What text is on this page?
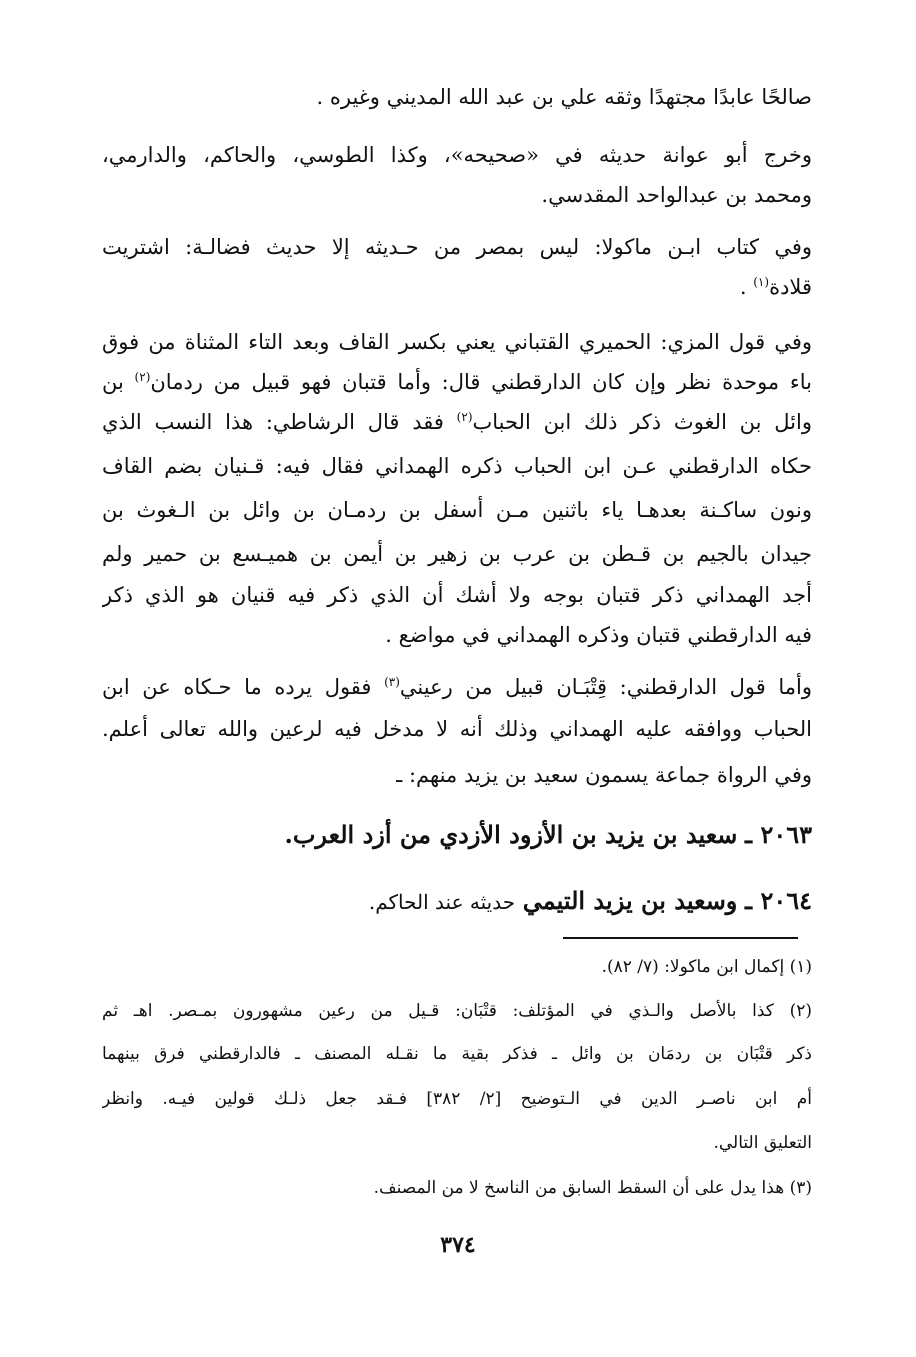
صالحًا عابدًا مجتهدًا وثقه علي بن عبد الله المديني وغيره .
وخرج أبو عوانة حديثه في «صحيحه»، وكذا الطوسي، والحاكم، والدارمي،
ومحمد بن عبدالواحد المقدسي.
وفي كتاب ابـن ماكولا: ليس بمصر من حـديثه إلا حديث فضالـة: اشتريت
قلادة$^{(١)}$ .
وفي قول المزي: الحميري القتباني يعني بكسر القاف وبعد التاء المثناة من فوق
باء موحدة نظر وإن كان الدارقطني قال: وأما قتبان فهو قبيل من ردمان$^{(٢)}$ بن
وائل بن الغوث ذكر ذلك ابن الحباب$^{(٢)}$ فقد قال الرشاطي: هذا النسب الذي
حكاه الدارقطني عـن ابن الحباب ذكره الهمداني فقال فيه: قـنيان بضم القاف
ونون ساكـنة بعدهـا ياء باثنين مـن أسفل بن ردمـان بن وائل بن الـغوث بن
جيدان بالجيم بن قـطن بن عرب بن زهير بن أيمن بن هميـسع بن حمير ولم
أجد الهمداني ذكر قتبان بوجه ولا أشك أن الذي ذكر فيه قنيان هو الذي ذكر
فيه الدارقطني قتبان وذكره الهمداني في مواضع .
وأما قول الدارقطني: قِتْبَـان قبيل من رعيني$^{(٣)}$ فقول يرده ما حـكاه عن ابن
الحباب ووافقه عليه الهمداني وذلك أنه لا مدخل فيه لرعين والله تعالى أعلم.
وفي الرواة جماعة يسمون سعيد بن يزيد منهم: ـ
٢٠٦٣ ـ سعيد بن يزيد بن الأزود الأزدي من أزد العرب.
٢٠٦٤ ـ وسعيد بن يزيد التيمي حديثه عند الحاكم.
(١) إكمال ابن ماكولا: (٧/ ٨٢).
(٢) كذا بالأصل والـذي في المؤتلف: قتْبَان: قـيل من رعين مشهورون بمـصر. اهـ ثم
ذكر قتْبَان بن ردمَان بن وائل ـ فذكر بقية ما نقـله المصنف ـ فالدارقطني فرق بينهما
أم ابن ناصـر الدين في الـتوضيح [٢/ ٣٨٢] فـقد جعل ذلـك قولين فيـه. وانظر
التعليق التالي.
(٣) هذا يدل على أن السقط السابق من الناسخ لا من المصنف.
٣٧٤
